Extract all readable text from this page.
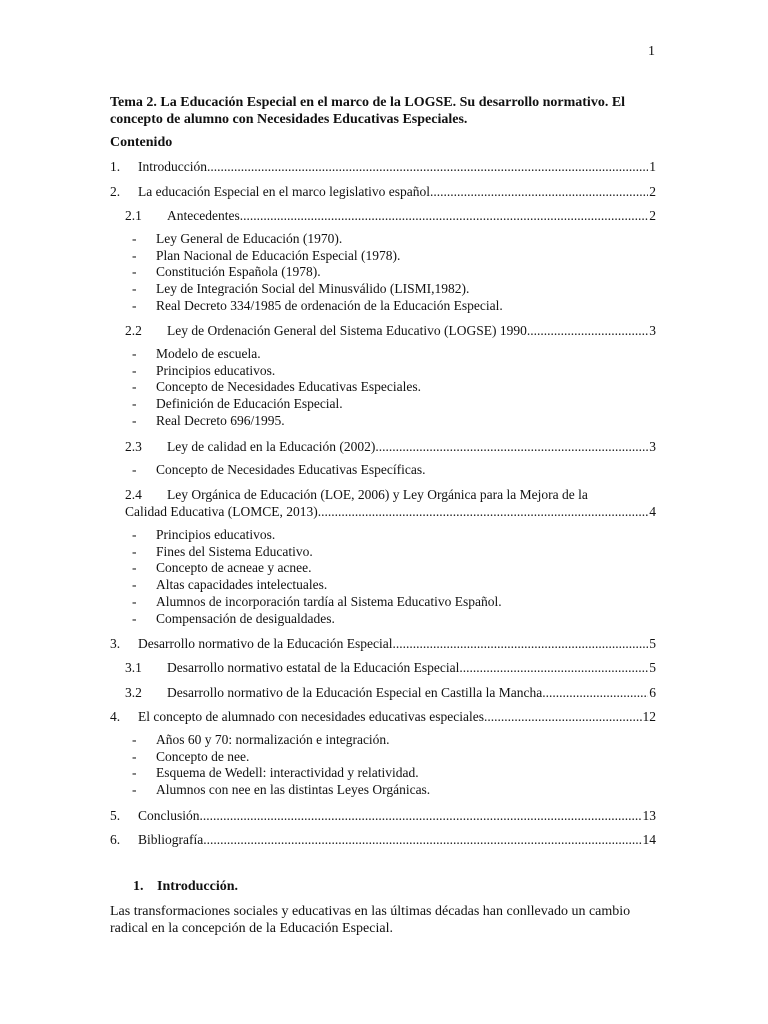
1
Tema 2. La Educación Especial en el marco de la LOGSE. Su desarrollo normativo. El concepto de alumno con Necesidades Educativas Especiales.
Contenido
1.	Introducción .....	1
2.	La educación Especial en el marco legislativo español .....	2
2.1	Antecedentes .....	2
-	Ley General de Educación (1970).
-	Plan Nacional de Educación Especial (1978).
-	Constitución Española (1978).
-	Ley de Integración Social del Minusválido (LISMI,1982).
-	Real Decreto 334/1985 de ordenación de la Educación Especial.
2.2	Ley de Ordenación General del Sistema Educativo (LOGSE) 1990 .....	3
-	Modelo de escuela.
-	Principios educativos.
-	Concepto de Necesidades Educativas Especiales.
-	Definición de Educación Especial.
-	Real Decreto 696/1995.
2.3	Ley de calidad en la Educación (2002) .....	3
-	Concepto de Necesidades Educativas Específicas.
2.4 Ley Orgánica de Educación (LOE, 2006) y Ley Orgánica para la Mejora de la
Calidad Educativa (LOMCE, 2013) .....	4
-	Principios educativos.
-	Fines del Sistema Educativo.
-	Concepto de acneae y acnee.
-	Altas capacidades intelectuales.
-	Alumnos de incorporación tardía al Sistema Educativo Español.
-	Compensación de desigualdades.
3.	Desarrollo normativo de la Educación Especial .....	5
3.1	Desarrollo normativo estatal de la Educación Especial .....	5
3.2	Desarrollo normativo de la Educación Especial en Castilla la Mancha .....	6
4.	El concepto de alumnado con necesidades educativas especiales .....	12
-	Años 60 y 70: normalización e integración.
-	Concepto de nee.
-	Esquema de Wedell: interactividad y relatividad.
-	Alumnos con nee en las distintas Leyes Orgánicas.
5.	Conclusión .....	13
6.	Bibliografía .....	14
1. Introducción.
Las transformaciones sociales y educativas en las últimas décadas han conllevado un cambio radical en la concepción de la Educación Especial.
